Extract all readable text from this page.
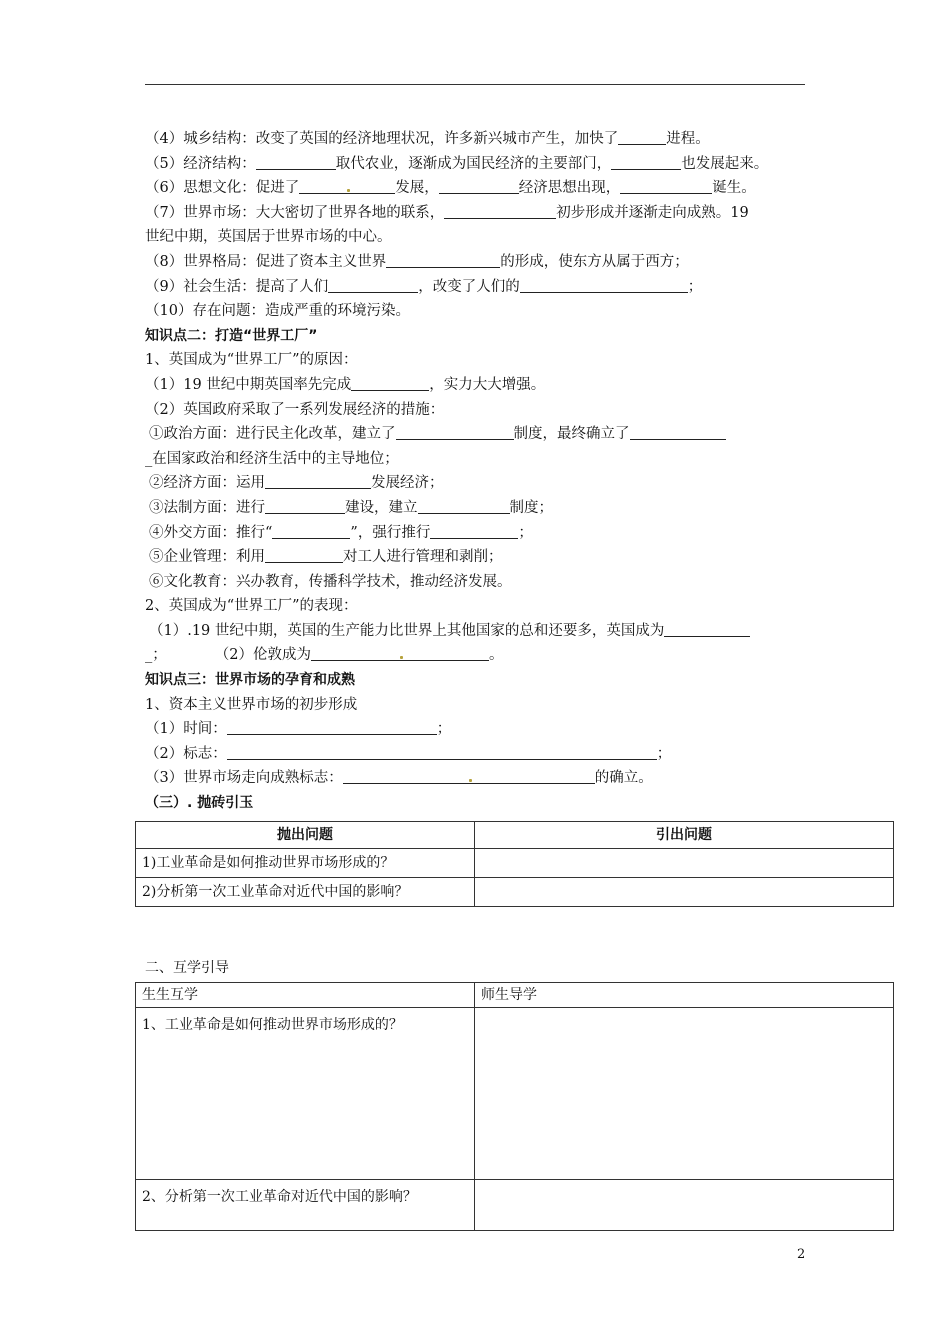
（4）城乡结构：改变了英国的经济地理状况，许多新兴城市产生，加快了	进程。
（5）经济结构：	取代农业，逐渐成为国民经济的主要部门，	也发展起来。
（6）思想文化：促进了	发展，	经济思想出现，	诞生。
（7）世界市场：大大密切了世界各地的联系，	初步形成并逐渐走向成熟。19
世纪中期，英国居于世界市场的中心。
（8）世界格局：促进了资本主义世界	的形成，使东方从属于西方；
（9）社会生活：提高了人们	，改变了人们的	；
（10）存在问题：造成严重的环境污染。
知识点二：打造“世界工厂”
1、英国成为“世界工厂”的原因：
（1）19 世纪中期英国率先完成	，实力大大增强。
（2）英国政府采取了一系列发展经济的措施：
①政治方面：进行民主化改革，建立了	制度，最终确立了
_在国家政治和经济生活中的主导地位；
②经济方面：运用	发展经济；
③法制方面：进行	建设，建立	制度；
④外交方面：推行“	”，强行推行	；
⑤企业管理：利用	对工人进行管理和剥削；
⑥文化教育：兴办教育，传播科学技术，推动经济发展。
2、英国成为“世界工厂”的表现：
（1）.19 世纪中期，英国的生产能力比世界上其他国家的总和还要多，英国成为
_；	（2）伦敦成为	。
知识点三：世界市场的孕育和成熟
1、资本主义世界市场的初步形成
（1）时间：	；
（2）标志：	；
（3）世界市场走向成熟标志：	的确立。
（三）. 抛砖引玉
抛出问题	引出问题
1)工业革命是如何推动世界市场形成的？	
2)分析第一次工业革命对近代中国的影响？	
二、互学引导
生生互学	师生导学
1、工业革命是如何推动世界市场形成的？	
2、分析第一次工业革命对近代中国的影响？	
2
